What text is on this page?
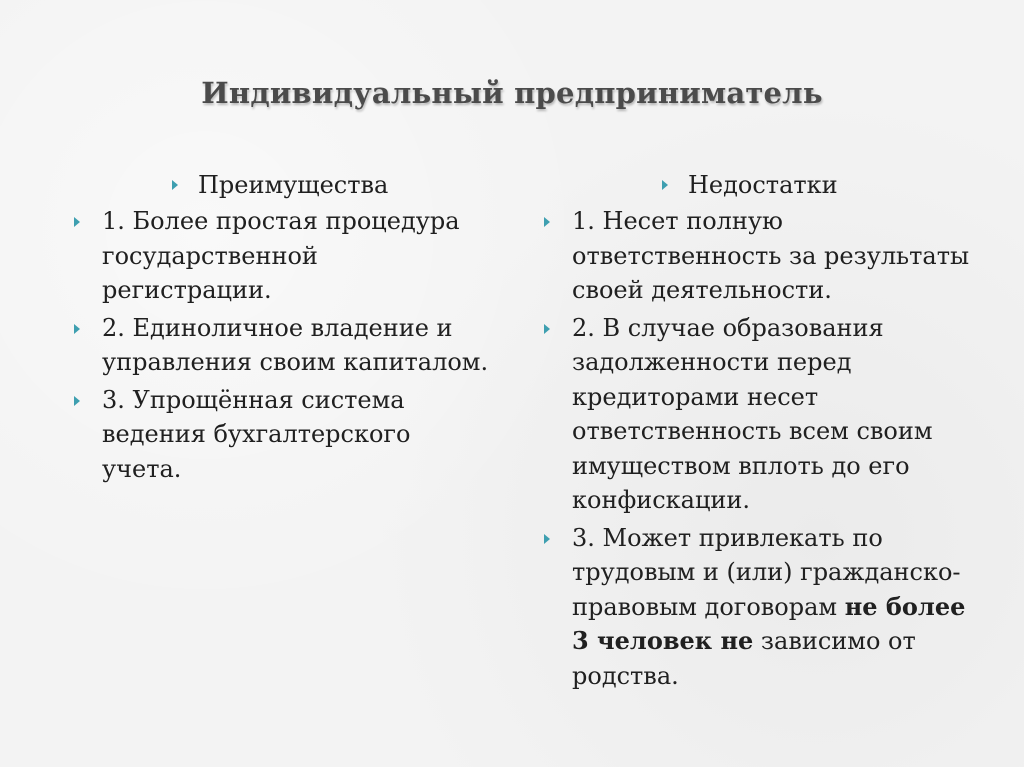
Индивидуальный предприниматель
Преимущества
1. Более простая процедура государственной регистрации.
2. Единоличное владение и управления своим капиталом.
3. Упрощённая система ведения бухгалтерского учета.
Недостатки
1. Несет полную ответственность за результаты своей деятельности.
2. В случае образования задолженности перед кредиторами несет ответственность всем своим имуществом вплоть до его конфискации.
3. Может привлекать по трудовым и (или) гражданско-правовым договорам не более 3 человек не зависимо от родства.
